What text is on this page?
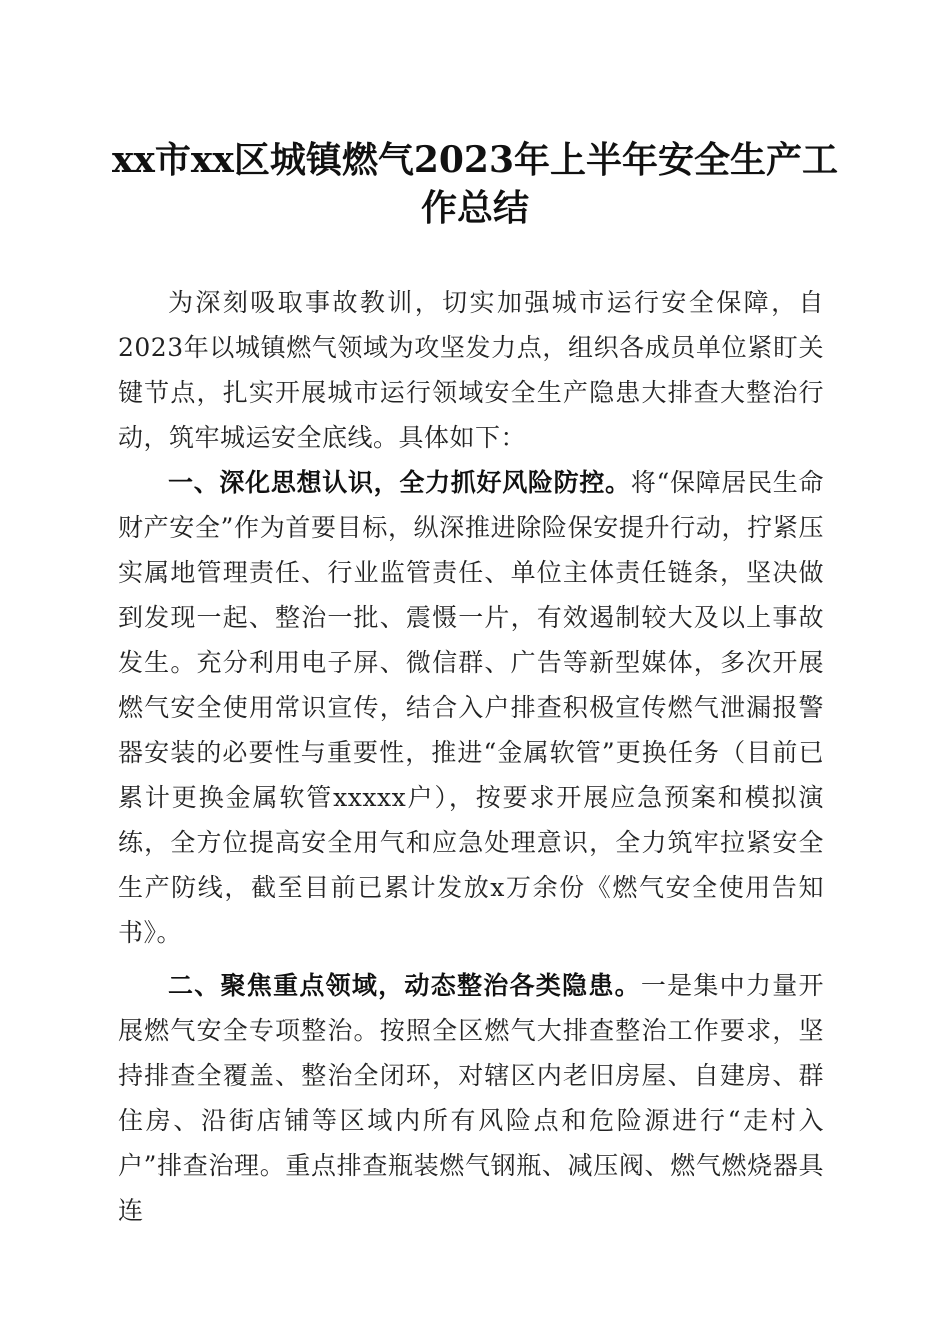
xx市xx区城镇燃气2023年上半年安全生产工作总结

为深刻吸取事故教训，切实加强城市运行安全保障，自2023年以城镇燃气领域为攻坚发力点，组织各成员单位紧盯关键节点，扎实开展城市运行领域安全生产隐患大排查大整治行动，筑牢城运安全底线。具体如下：

一、深化思想认识，全力抓好风险防控。将“保障居民生命财产安全”作为首要目标，纵深推进除险保安提升行动，拧紧压实属地管理责任、行业监管责任、单位主体责任链条，坚决做到发现一起、整治一批、震慑一片，有效遏制较大及以上事故发生。充分利用电子屏、微信群、广告等新型媒体，多次开展燃气安全使用常识宣传，结合入户排查积极宣传燃气泄漏报警器安装的必要性与重要性，推进“金属软管”更换任务（目前已累计更换金属软管xxxxx户），按要求开展应急预案和模拟演练，全方位提高安全用气和应急处理意识，全力筑牢拉紧安全生产防线，截至目前已累计发放x万余份《燃气安全使用告知书》。

二、聚焦重点领域，动态整治各类隐患。一是集中力量开展燃气安全专项整治。按照全区燃气大排查整治工作要求，坚持排查全覆盖、整治全闭环，对辖区内老旧房屋、自建房、群住房、沿街店铺等区域内所有风险点和危险源进行“走村入户”排查治理。重点排查瓶装燃气钢瓶、减压阀、燃气燃烧器具连
